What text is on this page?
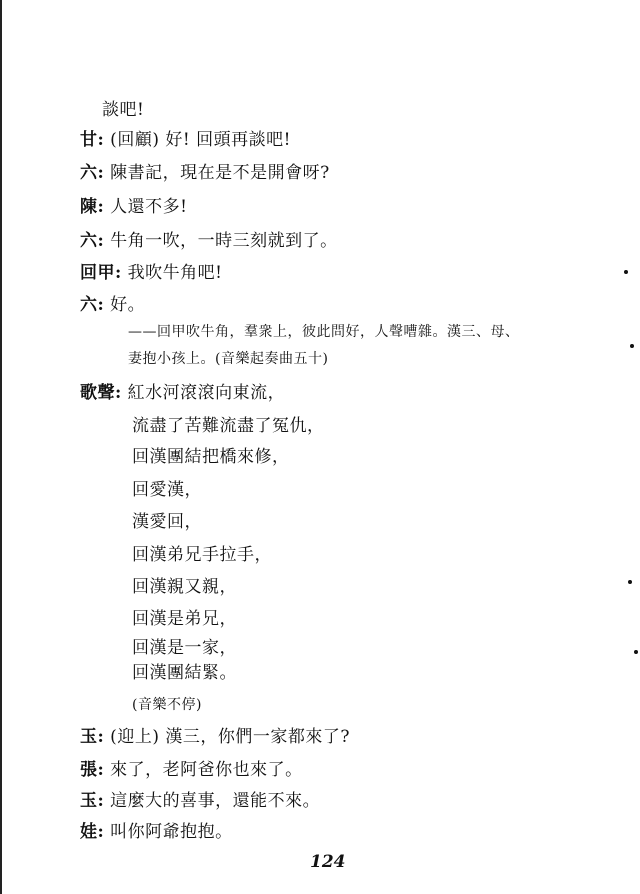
談吧!
甘: (回顧) 好! 回頭再談吧!
六: 陳書記，現在是不是開會呀?
陳: 人還不多!
六: 牛角一吹，一時三刻就到了。
回甲: 我吹牛角吧!
六: 好。
——回甲吹牛角，羣衆上，彼此問好，人聲嘈雜。漢三、母、
妻抱小孩上。(音樂起奏曲五十)
歌聲: 紅水河滾滾向東流，
流盡了苦難流盡了冤仇，
回漢團結把橋來修，
回愛漢，
漢愛回，
回漢弟兄手拉手，
回漢親又親，
回漢是弟兄，
回漢是一家，
回漢團結緊。
(音樂不停)
玉: (迎上) 漢三，你們一家都來了?
張: 來了，老阿爸你也來了。
玉: 這麼大的喜事，還能不來。
娃: 叫你阿爺抱抱。
124
